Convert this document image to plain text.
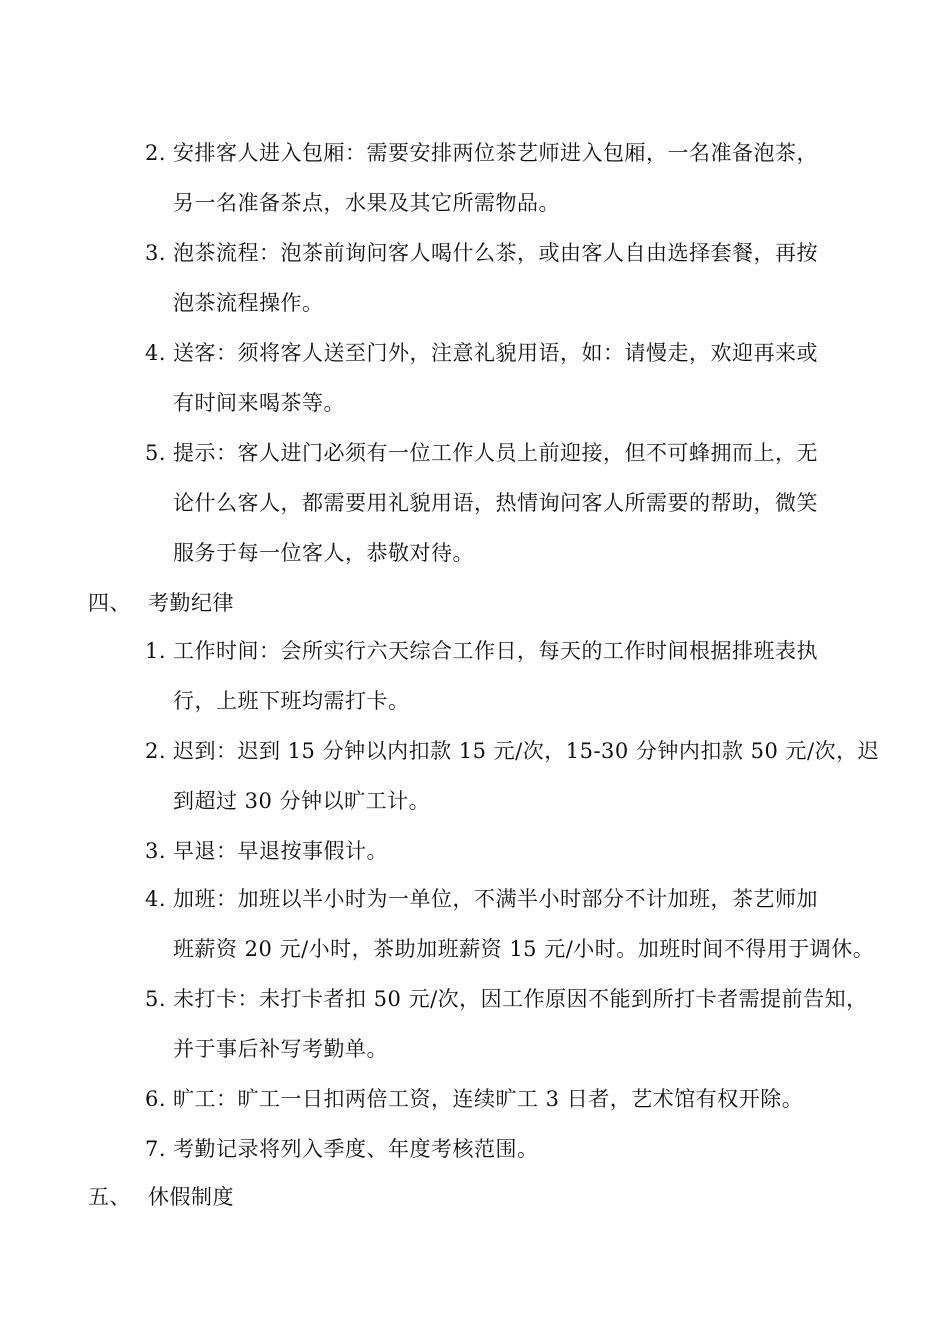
2. 安排客人进入包厢：需要安排两位茶艺师进入包厢，一名准备泡茶，
另一名准备茶点，水果及其它所需物品。
3. 泡茶流程：泡茶前询问客人喝什么茶，或由客人自由选择套餐，再按
泡茶流程操作。
4. 送客：须将客人送至门外，注意礼貌用语，如：请慢走，欢迎再来或
有时间来喝茶等。
5. 提示：客人进门必须有一位工作人员上前迎接，但不可蜂拥而上，无
论什么客人，都需要用礼貌用语，热情询问客人所需要的帮助，微笑
服务于每一位客人，恭敬对待。
四、 考勤纪律
1. 工作时间：会所实行六天综合工作日，每天的工作时间根据排班表执
行，上班下班均需打卡。
2. 迟到：迟到 15 分钟以内扣款 15 元/次，15-30 分钟内扣款 50 元/次，迟
到超过 30 分钟以旷工计。
3. 早退：早退按事假计。
4. 加班：加班以半小时为一单位，不满半小时部分不计加班，茶艺师加
班薪资 20 元/小时，茶助加班薪资 15 元/小时。加班时间不得用于调休。
5. 未打卡：未打卡者扣 50 元/次，因工作原因不能到所打卡者需提前告知，
并于事后补写考勤单。
6. 旷工：旷工一日扣两倍工资，连续旷工 3 日者，艺术馆有权开除。
7. 考勤记录将列入季度、年度考核范围。
五、 休假制度
